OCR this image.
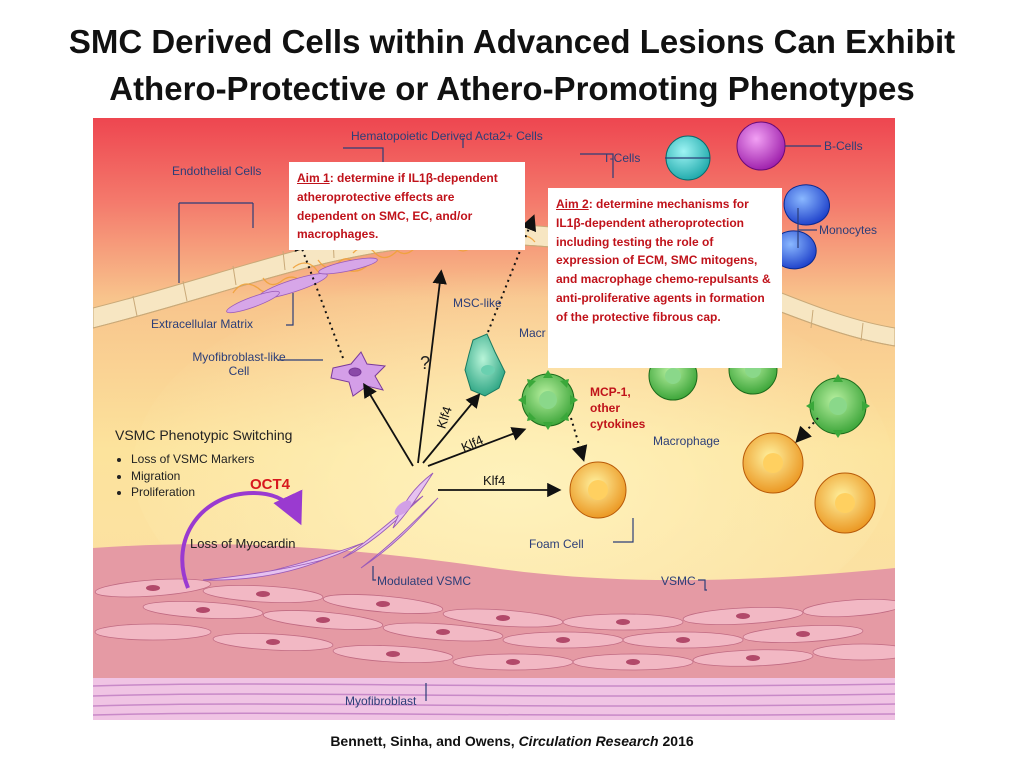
SMC Derived Cells within Advanced Lesions Can Exhibit
Athero-Protective or Athero-Promoting Phenotypes
Hematopoietic Derived Acta2+ Cells
T-Cells
B-Cells
Monocytes
Endothelial Cells
Extracellular Matrix
Myofibroblast-like
Cell
MSC-like
Macr
Macrophage
Foam Cell
Modulated VSMC	VSMC
Myofibroblast
Loss of Myocardin
OCT4
?
Klf4
Klf4
Klf4
VSMC Phenotypic Switching
• Loss of VSMC Markers
• Migration
• Proliferation
Aim 1: determine if IL1β-dependent atheroprotective effects are dependent on SMC, EC, and/or macrophages.
Aim 2: determine mechanisms for IL1β-dependent atheroprotection including testing the role of expression of ECM, SMC mitogens, and macrophage chemo-repulsants & anti-proliferative agents in formation of the protective fibrous cap.
MCP-1,
other
cytokines
Bennett, Sinha, and Owens, Circulation Research 2016
